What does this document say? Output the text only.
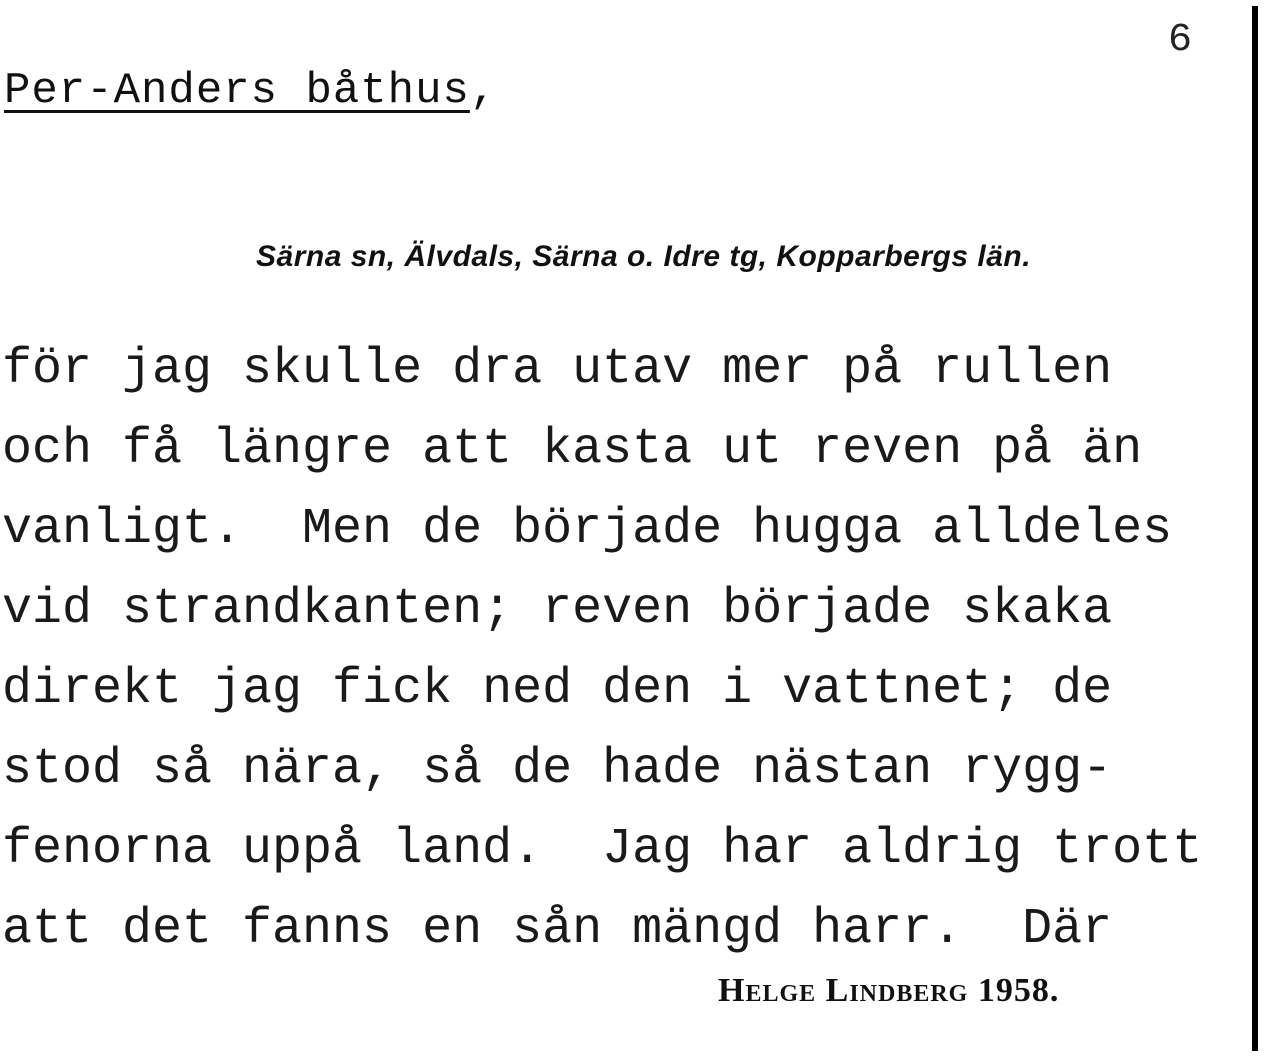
6
Per-Anders båthus,
Särna sn, Älvdals, Särna o. Idre tg, Kopparbergs län.
för jag skulle dra utav mer på rullen
och få längre att kasta ut reven på än
vanligt.  Men de började hugga alldeles
vid strandkanten; reven började skaka
direkt jag fick ned den i vattnet; de
stod så nära, så de hade nästan rygg-
fenorna uppå land.  Jag har aldrig trott
att det fanns en sån mängd harr.  Där
Helge Lindberg 1958.
